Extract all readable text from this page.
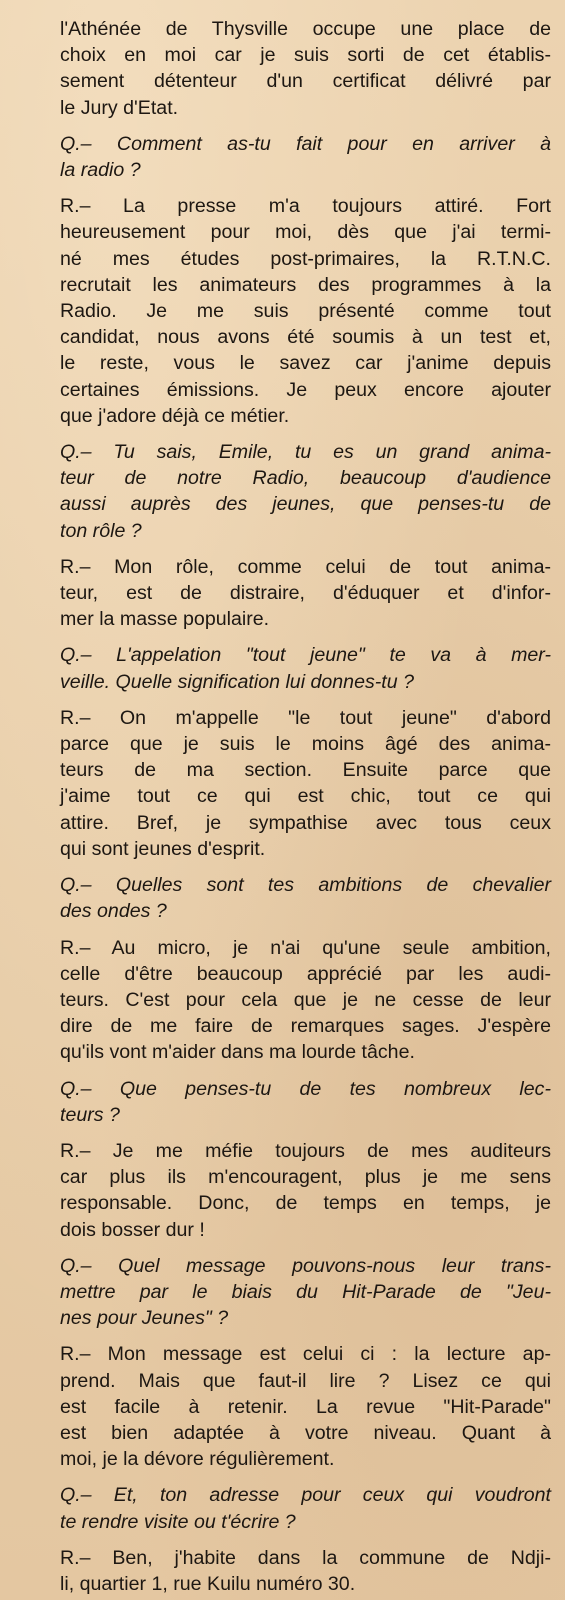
l'Athénée de Thysville occupe une place de
choix en moi car je suis sorti de cet établis-
sement détenteur d'un certificat délivré par
le Jury d'Etat.

Q.– Comment as-tu fait pour en arriver à
la radio ?

R.– La presse m'a toujours attiré. Fort
heureusement pour moi, dès que j'ai termi-
né mes études post-primaires, la R.T.N.C.
recrutait les animateurs des programmes à la
Radio. Je me suis présenté comme tout
candidat, nous avons été soumis à un test et,
le reste, vous le savez car j'anime depuis
certaines émissions. Je peux encore ajouter
que j'adore déjà ce métier.

Q.– Tu sais, Emile, tu es un grand anima-
teur de notre Radio, beaucoup d'audience
aussi auprès des jeunes, que penses-tu de
ton rôle ?

R.– Mon rôle, comme celui de tout anima-
teur, est de distraire, d'éduquer et d'infor-
mer la masse populaire.

Q.– L'appelation "tout jeune" te va à mer-
veille. Quelle signification lui donnes-tu ?

R.– On m'appelle "le tout jeune" d'abord
parce que je suis le moins âgé des anima-
teurs de ma section. Ensuite parce que
j'aime tout ce qui est chic, tout ce qui
attire. Bref, je sympathise avec tous ceux
qui sont jeunes d'esprit.

Q.– Quelles sont tes ambitions de chevalier
des ondes ?

R.– Au micro, je n'ai qu'une seule ambition,
celle d'être beaucoup apprécié par les audi-
teurs. C'est pour cela que je ne cesse de leur
dire de me faire de remarques sages. J'espère
qu'ils vont m'aider dans ma lourde tâche.

Q.– Que penses-tu de tes nombreux lec-
teurs ?

R.– Je me méfie toujours de mes auditeurs
car plus ils m'encouragent, plus je me sens
responsable. Donc, de temps en temps, je
dois bosser dur !

Q.– Quel message pouvons-nous leur trans-
mettre par le biais du Hit-Parade de "Jeu-
nes pour Jeunes" ?

R.– Mon message est celui ci : la lecture ap-
prend. Mais que faut-il lire ? Lisez ce qui
est facile à retenir. La revue "Hit-Parade"
est bien adaptée à votre niveau. Quant à
moi, je la dévore régulièrement.

Q.– Et, ton adresse pour ceux qui voudront
te rendre visite ou t'écrire ?

R.– Ben, j'habite dans la commune de Ndji-
li, quartier 1, rue Kuilu numéro 30.
